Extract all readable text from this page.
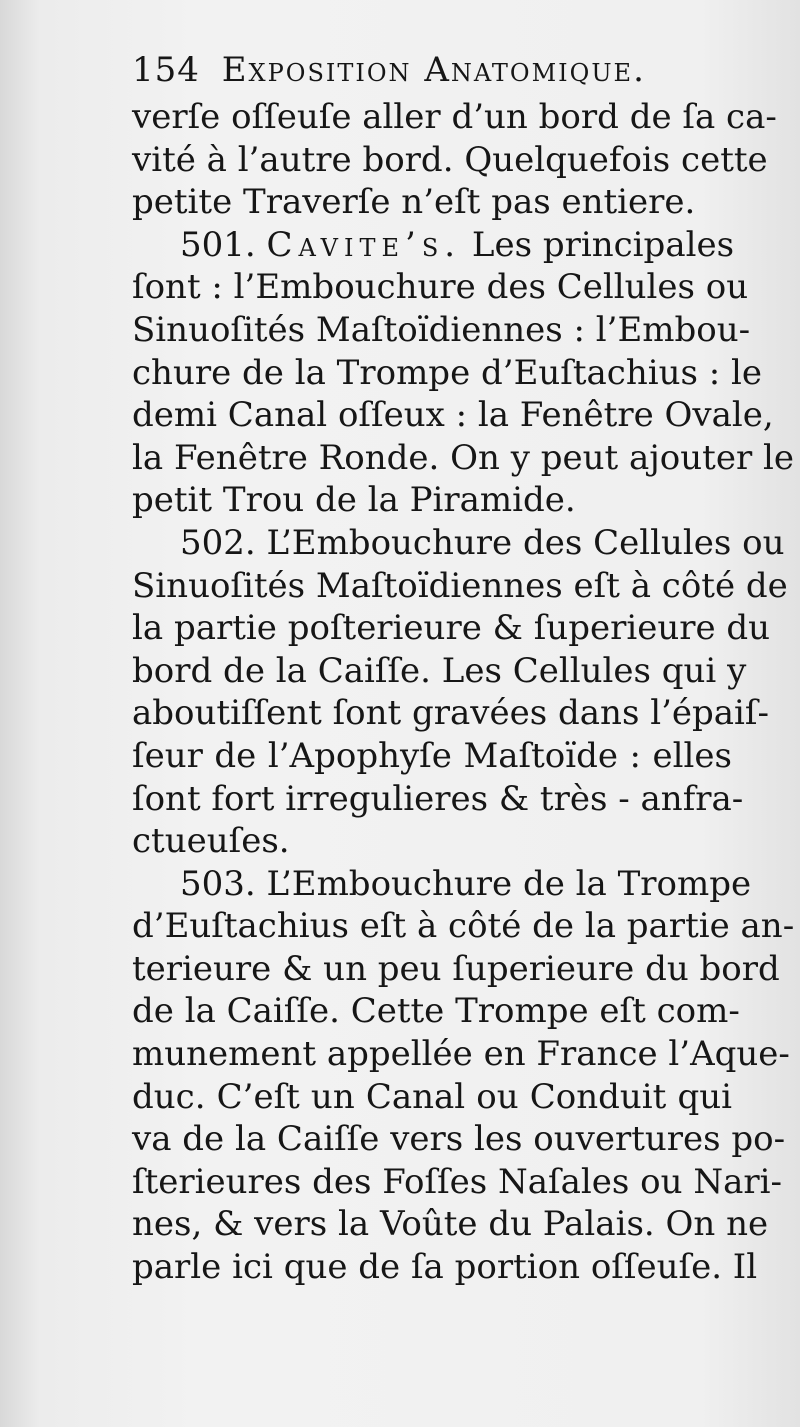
154 Exposition Anatomique.
verſe oſſeuſe aller d’un bord de ſa ca-
vité à l’autre bord. Quelquefois cette
petite Traverſe n’eſt pas entiere.
501. Cavite’s. Les principales
ſont : l’Embouchure des Cellules ou
Sinuoſités Maſtoïdiennes : l’Embou-
chure de la Trompe d’Euſtachius : le
demi Canal oſſeux : la Fenêtre Ovale,
la Fenêtre Ronde. On y peut ajouter le
petit Trou de la Piramide.
502. L’Embouchure des Cellules ou
Sinuoſités Maſtoïdiennes eſt à côté de
la partie poſterieure & ſuperieure du
bord de la Caiſſe. Les Cellules qui y
aboutiſſent ſont gravées dans l’épaiſ-
ſeur de l’Apophyſe Maſtoïde : elles
ſont fort irregulieres & très - anfra-
ctueuſes.
503. L’Embouchure de la Trompe
d’Euſtachius eſt à côté de la partie an-
terieure & un peu ſuperieure du bord
de la Caiſſe. Cette Trompe eſt com-
munement appellée en France l’Aque-
duc. C’eſt un Canal ou Conduit qui
va de la Caiſſe vers les ouvertures po-
ſterieures des Foſſes Naſales ou Nari-
nes, & vers la Voûte du Palais. On ne
parle ici que de ſa portion oſſeuſe. Il
